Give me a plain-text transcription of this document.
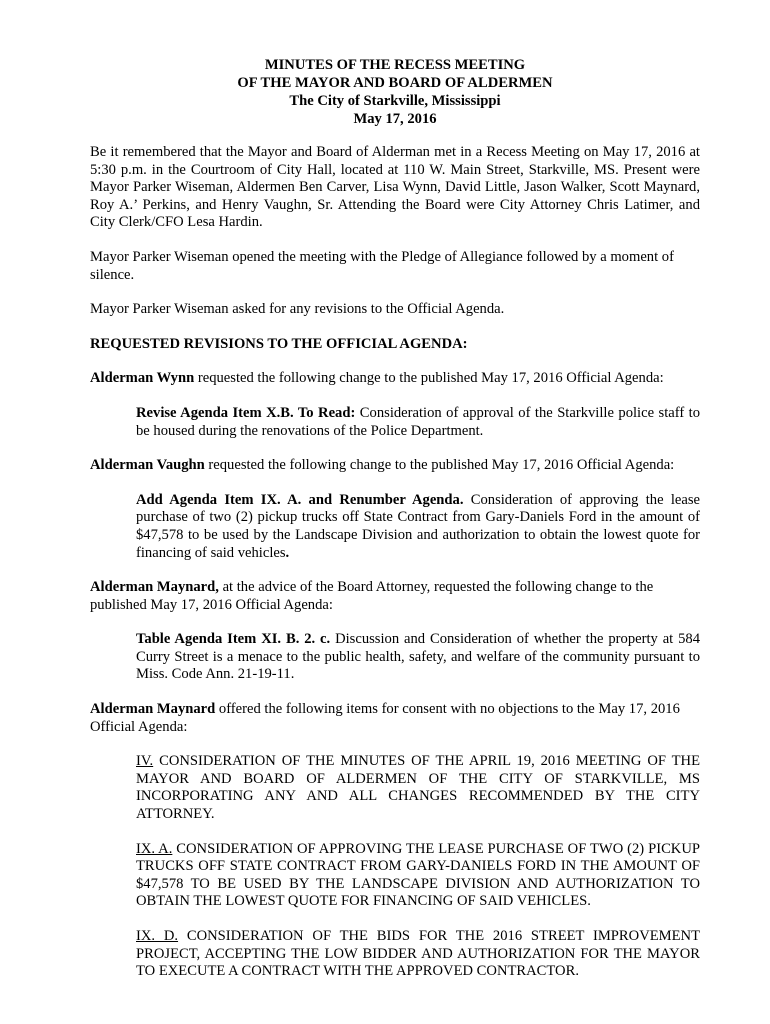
MINUTES OF THE RECESS MEETING
OF THE MAYOR AND BOARD OF ALDERMEN
The City of Starkville, Mississippi
May 17, 2016

Be it remembered that the Mayor and Board of Alderman met in a Recess Meeting on May 17, 2016 at 5:30 p.m. in the Courtroom of City Hall, located at 110 W. Main Street, Starkville, MS. Present were Mayor Parker Wiseman, Aldermen Ben Carver, Lisa Wynn, David Little, Jason Walker, Scott Maynard, Roy A.’ Perkins, and Henry Vaughn, Sr. Attending the Board were City Attorney Chris Latimer, and City Clerk/CFO Lesa Hardin.

Mayor Parker Wiseman opened the meeting with the Pledge of Allegiance followed by a moment of silence.

Mayor Parker Wiseman asked for any revisions to the Official Agenda.

REQUESTED REVISIONS TO THE OFFICIAL AGENDA:

Alderman Wynn requested the following change to the published May 17, 2016 Official Agenda:

Revise Agenda Item X.B. To Read: Consideration of approval of the Starkville police staff to be housed during the renovations of the Police Department.

Alderman Vaughn requested the following change to the published May 17, 2016 Official Agenda:

Add Agenda Item IX. A. and Renumber Agenda. Consideration of approving the lease purchase of two (2) pickup trucks off State Contract from Gary-Daniels Ford in the amount of $47,578 to be used by the Landscape Division and authorization to obtain the lowest quote for financing of said vehicles.

Alderman Maynard, at the advice of the Board Attorney, requested the following change to the published May 17, 2016 Official Agenda:

Table Agenda Item XI. B. 2. c. Discussion and Consideration of whether the property at 584 Curry Street is a menace to the public health, safety, and welfare of the community pursuant to Miss. Code Ann. 21-19-11.

Alderman Maynard offered the following items for consent with no objections to the May 17, 2016 Official Agenda:

IV. CONSIDERATION OF THE MINUTES OF THE APRIL 19, 2016 MEETING OF THE MAYOR AND BOARD OF ALDERMEN OF THE CITY OF STARKVILLE, MS INCORPORATING ANY AND ALL CHANGES RECOMMENDED BY THE CITY ATTORNEY.

IX. A. CONSIDERATION OF APPROVING THE LEASE PURCHASE OF TWO (2) PICKUP TRUCKS OFF STATE CONTRACT FROM GARY-DANIELS FORD IN THE AMOUNT OF $47,578 TO BE USED BY THE LANDSCAPE DIVISION AND AUTHORIZATION TO OBTAIN THE LOWEST QUOTE FOR FINANCING OF SAID VEHICLES.

IX. D. CONSIDERATION OF THE BIDS FOR THE 2016 STREET IMPROVEMENT PROJECT, ACCEPTING THE LOW BIDDER AND AUTHORIZATION FOR THE MAYOR TO EXECUTE A CONTRACT WITH THE APPROVED CONTRACTOR.
